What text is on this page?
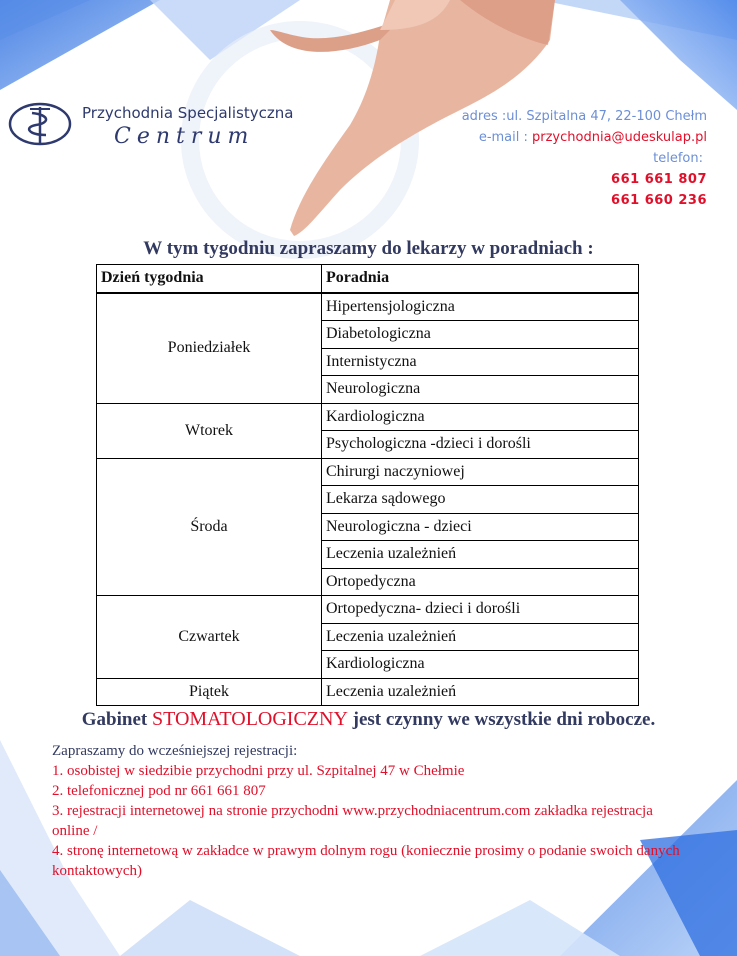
Przychodnia Specjalistyczna
Centrum
adres :ul. Szpitalna 47, 22-100 Chełm
e-mail : przychodnia@udeskulap.pl
telefon:
661 661 807
661 660 236
W tym tygodniu zapraszamy do lekarzy w poradniach :
Dzień tygodnia	Poradnia
Poniedziałek	Hipertensjologiczna
	Diabetologiczna
	Internistyczna
	Neurologiczna
Wtorek	Kardiologiczna
	Psychologiczna -dzieci i dorośli
Środa	Chirurgi naczyniowej
	Lekarza sądowego
	Neurologiczna - dzieci
	Leczenia uzależnień
	Ortopedyczna
Czwartek	Ortopedyczna- dzieci i dorośli
	Leczenia uzależnień
	Kardiologiczna
Piątek	Leczenia uzależnień
Gabinet STOMATOLOGICZNY jest czynny we wszystkie dni robocze.
Zapraszamy do wcześniejszej rejestracji:
1. osobistej w siedzibie przychodni przy ul. Szpitalnej 47 w Chełmie
2. telefonicznej pod nr 661 661 807
3. rejestracji internetowej na stronie przychodni www.przychodniacentrum.com zakładka rejestracja online /
4. stronę internetową w zakładce w prawym dolnym rogu (koniecznie prosimy o podanie swoich danych kontaktowych)
